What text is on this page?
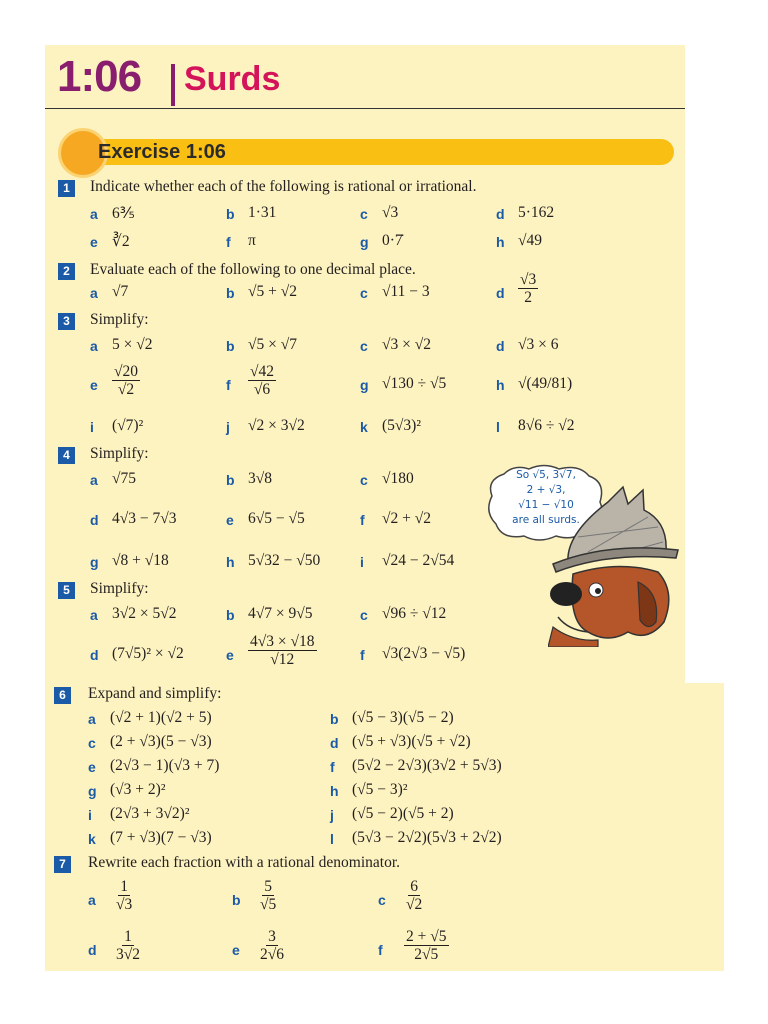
1:06 Surds
Exercise 1:06
1	Indicate whether each of the following is rational or irrational.
a 6⅗	b 1·31	c √3	d 5·162
e ∛2	f π	g 0·7̇	h √49
2	Evaluate each of the following to one decimal place.
a √7	b √5 + √2	c √11 − 3	d $\frac{√3}{2}$
3	Simplify:
a 5 × √2	b √5 × √7	c √3 × √2	d √3 × 6
e $\frac{√20}{√2}$	f $\frac{√42}{√6}$	g √130 ÷ √5	h √(49/81)
i (√7)²	j √2 × 3√2	k (5√3)²	l 8√6 ÷ √2
4	Simplify:
a √75	b 3√8	c √180
d 4√3 − 7√3	e 6√5 − √5	f √2 + √2
g √8 + √18	h 5√32 − √50	i √24 − 2√54
5	Simplify:
a 3√2 × 5√2	b 4√7 × 9√5	c √96 ÷ √12
d (7√5)² × √2	e $\frac{4√3 \times √18}{√12}$	f √3(2√3 − √5)
6	Expand and simplify:
a (√2 + 1)(√2 + 5)	b (√5 − 3)(√5 − 2)
c (2 + √3)(5 − √3)	d (√5 + √3)(√5 + √2)
e (2√3 − 1)(√3 + 7)	f (5√2 − 2√3)(3√2 + 5√3)
g (√3 + 2)²	h (√5 − 3)²
i (2√3 + 3√2)²	j (√5 − 2)(√5 + 2)
k (7 + √3)(7 − √3)	l (5√3 − 2√2)(5√3 + 2√2)
7	Rewrite each fraction with a rational denominator.
a $\frac{1}{√3}$	b $\frac{5}{√5}$	c $\frac{6}{√2}$
d $\frac{1}{3√2}$	e $\frac{3}{2√6}$	f $\frac{2 + √5}{2√5}$
So √5, 3√7,
2 + √3,
√11 − √10
are all surds.
